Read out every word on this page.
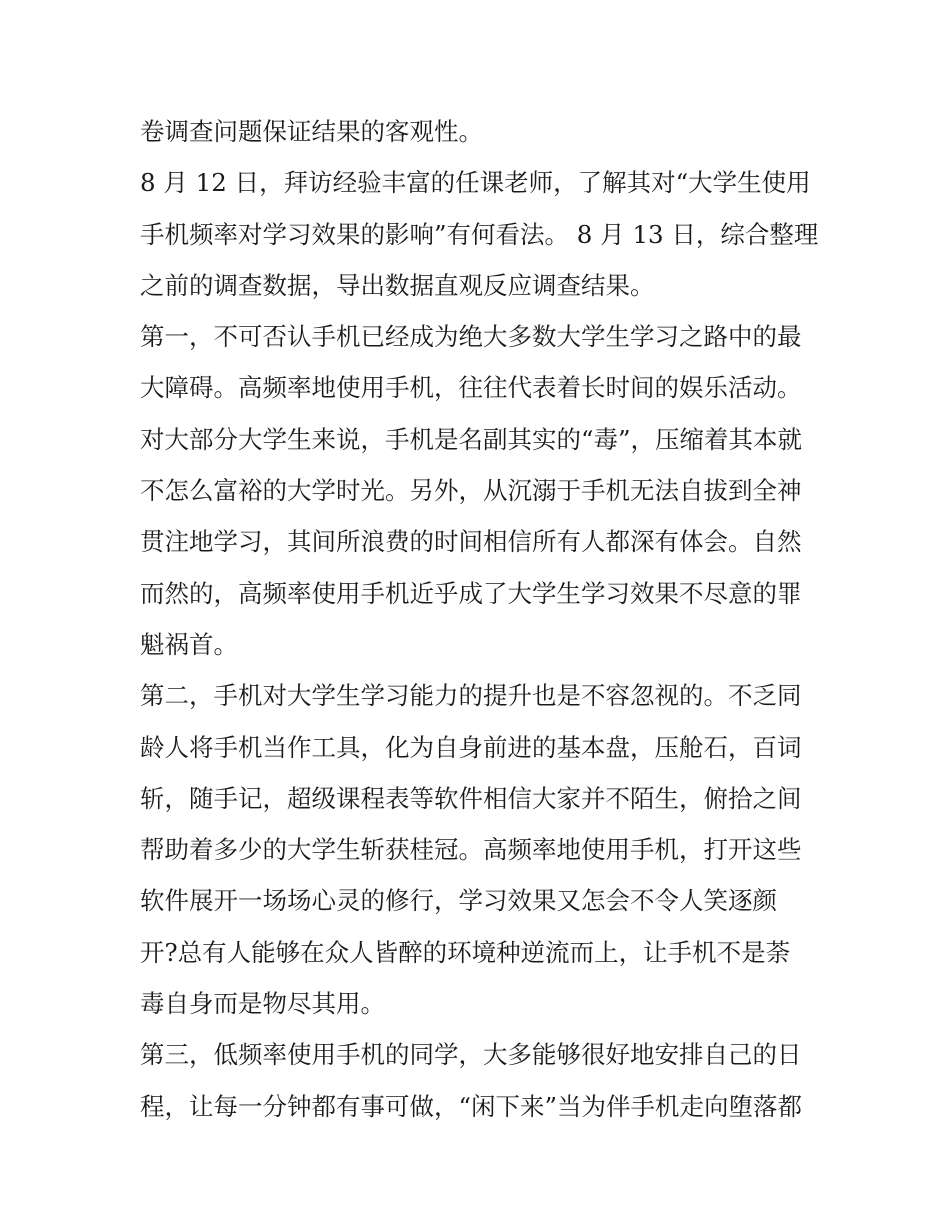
卷调查问题保证结果的客观性。

8 月 12 日，拜访经验丰富的任课老师，了解其对“大学生使用
手机频率对学习效果的影响”有何看法。 8 月 13 日，综合整理
之前的调查数据，导出数据直观反应调查结果。

第一，不可否认手机已经成为绝大多数大学生学习之路中的最
大障碍。高频率地使用手机，往往代表着长时间的娱乐活动。
对大部分大学生来说，手机是名副其实的“毒”，压缩着其本就
不怎么富裕的大学时光。另外，从沉溺于手机无法自拔到全神
贯注地学习，其间所浪费的时间相信所有人都深有体会。自然
而然的，高频率使用手机近乎成了大学生学习效果不尽意的罪
魁祸首。

第二，手机对大学生学习能力的提升也是不容忽视的。不乏同
龄人将手机当作工具，化为自身前进的基本盘，压舱石，百词
斩，随手记，超级课程表等软件相信大家并不陌生，俯拾之间
帮助着多少的大学生斩获桂冠。高频率地使用手机，打开这些
软件展开一场场心灵的修行，学习效果又怎会不令人笑逐颜
开?总有人能够在众人皆醉的环境种逆流而上，让手机不是荼
毒自身而是物尽其用。

第三，低频率使用手机的同学，大多能够很好地安排自己的日
程，让每一分钟都有事可做，“闲下来”当为伴手机走向堕落都
